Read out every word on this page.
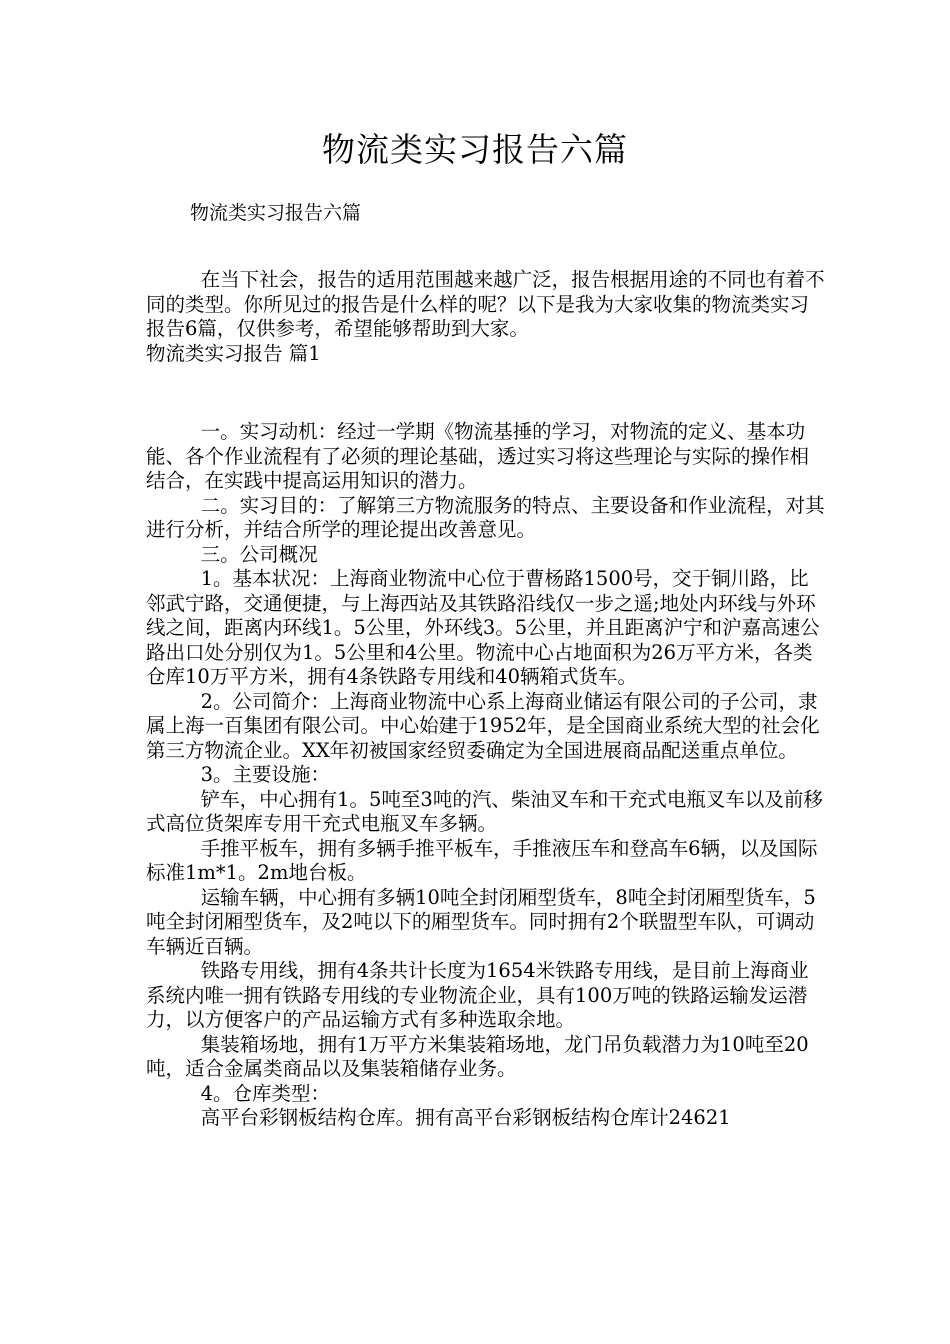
物流类实习报告六篇
物流类实习报告六篇

在当下社会，报告的适用范围越来越广泛，报告根据用途的不同也有着不同的类型。你所见过的报告是什么样的呢？以下是我为大家收集的物流类实习报告6篇，仅供参考，希望能够帮助到大家。

物流类实习报告 篇1

一。实习动机：经过一学期《物流基捶的学习，对物流的定义、基本功能、各个作业流程有了必须的理论基础，透过实习将这些理论与实际的操作相结合，在实践中提高运用知识的潜力。

二。实习目的：了解第三方物流服务的特点、主要设备和作业流程，对其进行分析，并结合所学的理论提出改善意见。

三。公司概况

1。基本状况：上海商业物流中心位于曹杨路1500号，交于铜川路，比邻武宁路，交通便捷，与上海西站及其铁路沿线仅一步之遥;地处内环线与外环线之间，距离内环线1。5公里，外环线3。5公里，并且距离沪宁和沪嘉高速公路出口处分别仅为1。5公里和4公里。物流中心占地面积为26万平方米，各类仓库10万平方米，拥有4条铁路专用线和40辆箱式货车。

2。公司简介：上海商业物流中心系上海商业储运有限公司的子公司，隶属上海一百集团有限公司。中心始建于1952年，是全国商业系统大型的社会化第三方物流企业。XX年初被国家经贸委确定为全国进展商品配送重点单位。

3。主要设施：

铲车，中心拥有1。5吨至3吨的汽、柴油叉车和干充式电瓶叉车以及前移式高位货架库专用干充式电瓶叉车多辆。

手推平板车，拥有多辆手推平板车，手推液压车和登高车6辆，以及国际标准1m*1。2m地台板。

运输车辆，中心拥有多辆10吨全封闭厢型货车，8吨全封闭厢型货车，5吨全封闭厢型货车，及2吨以下的厢型货车。同时拥有2个联盟型车队，可调动车辆近百辆。

铁路专用线，拥有4条共计长度为1654米铁路专用线，是目前上海商业系统内唯一拥有铁路专用线的专业物流企业，具有100万吨的铁路运输发运潜力，以方便客户的产品运输方式有多种选取余地。

集装箱场地，拥有1万平方米集装箱场地，龙门吊负载潜力为10吨至20吨，适合金属类商品以及集装箱储存业务。

4。仓库类型：

高平台彩钢板结构仓库。拥有高平台彩钢板结构仓库计24621
